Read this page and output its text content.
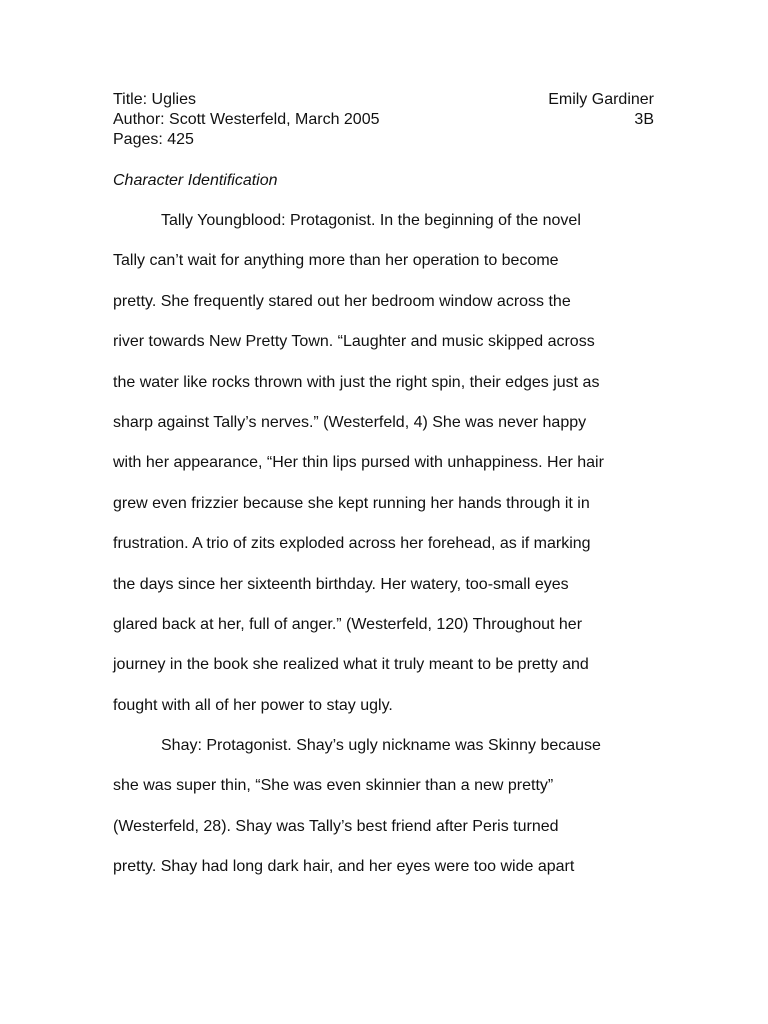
Title: Uglies	Emily Gardiner
Author: Scott Westerfeld, March 2005	3B
Pages: 425
Character Identification
Tally Youngblood: Protagonist. In the beginning of the novel
Tally can’t wait for anything more than her operation to become
pretty. She frequently stared out her bedroom window across the
river towards New Pretty Town. “Laughter and music skipped across
the water like rocks thrown with just the right spin, their edges just as
sharp against Tally’s nerves.” (Westerfeld, 4) She was never happy
with her appearance, “Her thin lips pursed with unhappiness. Her hair
grew even frizzier because she kept running her hands through it in
frustration. A trio of zits exploded across her forehead, as if marking
the days since her sixteenth birthday. Her watery, too-small eyes
glared back at her, full of anger.” (Westerfeld, 120) Throughout her
journey in the book she realized what it truly meant to be pretty and
fought with all of her power to stay ugly.
Shay: Protagonist. Shay’s ugly nickname was Skinny because
she was super thin, “She was even skinnier than a new pretty”
(Westerfeld, 28). Shay was Tally’s best friend after Peris turned
pretty. Shay had long dark hair, and her eyes were too wide apart
